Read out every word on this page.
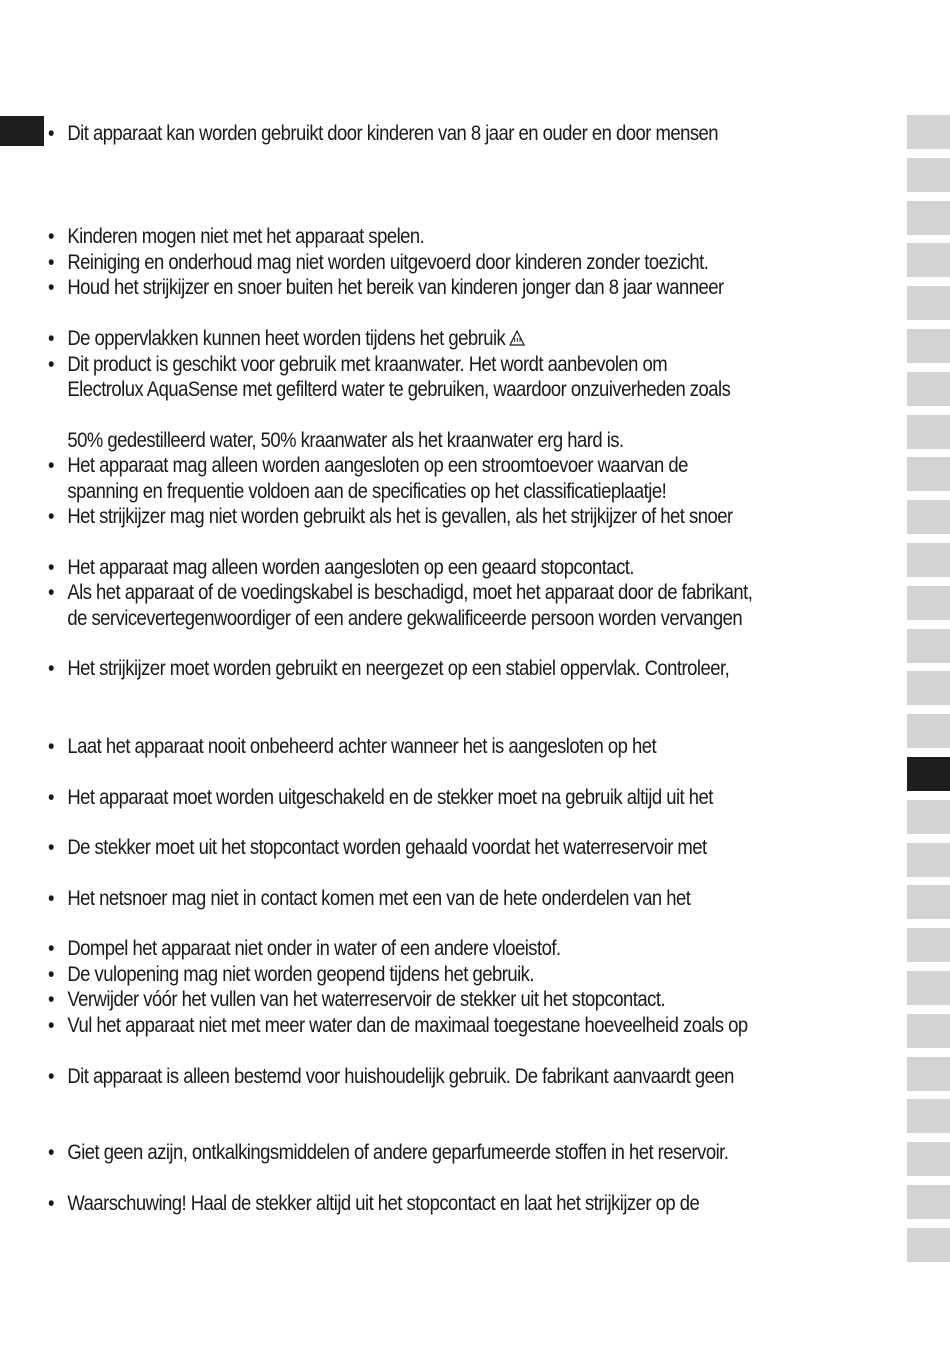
• Dit apparaat kan worden gebruikt door kinderen van 8 jaar en ouder en door mensen
• Kinderen mogen niet met het apparaat spelen.
• Reiniging en onderhoud mag niet worden uitgevoerd door kinderen zonder toezicht.
• Houd het strijkijzer en snoer buiten het bereik van kinderen jonger dan 8 jaar wanneer
• De oppervlakken kunnen heet worden tijdens het gebruik
• Dit product is geschikt voor gebruik met kraanwater. Het wordt aanbevolen om
Electrolux AquaSense met gefilterd water te gebruiken, waardoor onzuiverheden zoals
50% gedestilleerd water, 50% kraanwater als het kraanwater erg hard is.
• Het apparaat mag alleen worden aangesloten op een stroomtoevoer waarvan de
spanning en frequentie voldoen aan de specificaties op het classificatieplaatje!
• Het strijkijzer mag niet worden gebruikt als het is gevallen, als het strijkijzer of het snoer
• Het apparaat mag alleen worden aangesloten op een geaard stopcontact.
• Als het apparaat of de voedingskabel is beschadigd, moet het apparaat door de fabrikant,
de servicevertegenwoordiger of een andere gekwalificeerde persoon worden vervangen
• Het strijkijzer moet worden gebruikt en neergezet op een stabiel oppervlak. Controleer,
• Laat het apparaat nooit onbeheerd achter wanneer het is aangesloten op het
• Het apparaat moet worden uitgeschakeld en de stekker moet na gebruik altijd uit het
• De stekker moet uit het stopcontact worden gehaald voordat het waterreservoir met
• Het netsnoer mag niet in contact komen met een van de hete onderdelen van het
• Dompel het apparaat niet onder in water of een andere vloeistof.
• De vulopening mag niet worden geopend tijdens het gebruik.
• Verwijder vóór het vullen van het waterreservoir de stekker uit het stopcontact.
• Vul het apparaat niet met meer water dan de maximaal toegestane hoeveelheid zoals op
• Dit apparaat is alleen bestemd voor huishoudelijk gebruik. De fabrikant aanvaardt geen
• Giet geen azijn, ontkalkingsmiddelen of andere geparfumeerde stoffen in het reservoir.
• Waarschuwing! Haal de stekker altijd uit het stopcontact en laat het strijkijzer op de
